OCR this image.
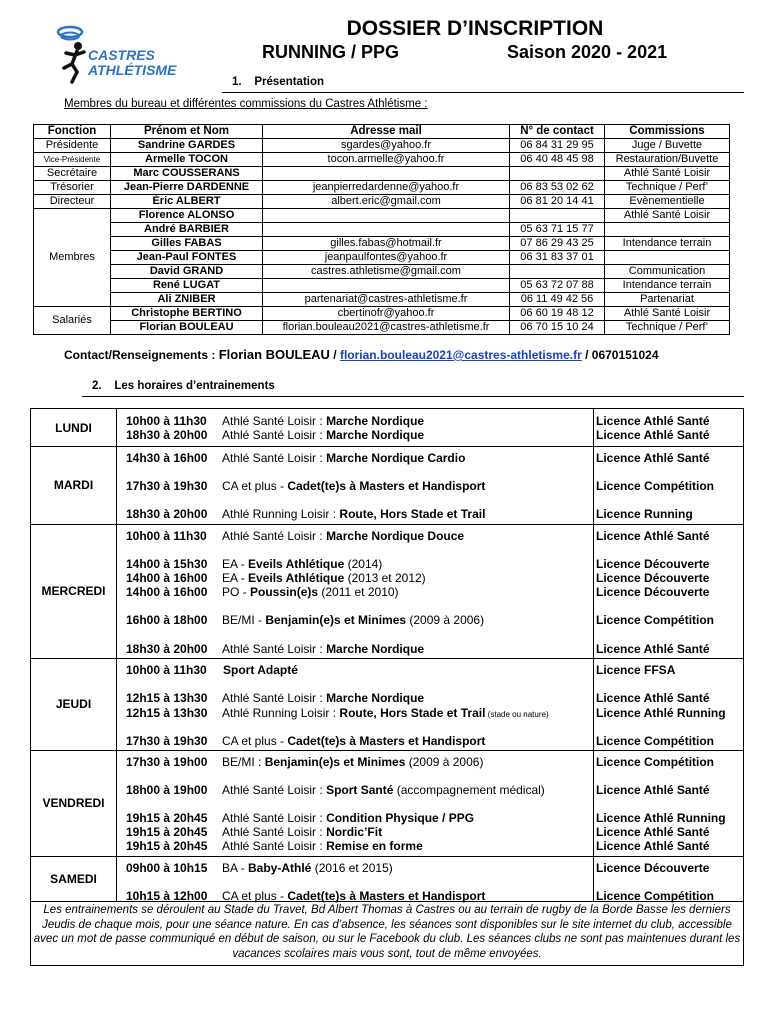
CASTRES
ATHLÉTISME
DOSSIER D’INSCRIPTION
RUNNING / PPG	Saison 2020 - 2021
1. Présentation
Membres du bureau et différentes commissions du Castres Athlétisme :
Fonction	Prénom et Nom	Adresse mail	N° de contact	Commissions
Présidente	Sandrine GARDES	sgardes@yahoo.fr	06 84 31 29 95	Juge / Buvette
Vice-Présidente	Armelle TOCON	tocon.armelle@yahoo.fr	06 40 48 45 98	Restauration/Buvette
Secrétaire	Marc COUSSERANS			Athlé Santé Loisir
Trésorier	Jean-Pierre DARDENNE	jeanpierredardenne@yahoo.fr	06 83 53 02 62	Technique / Perf’
Directeur	Éric ALBERT	albert.eric@gmail.com	06 81 20 14 41	Evènementielle
Membres	Florence ALONSO			Athlé Santé Loisir
	André BARBIER		05 63 71 15 77	
	Gilles FABAS	gilles.fabas@hotmail.fr	07 86 29 43 25	Intendance terrain
	Jean-Paul FONTES	jeanpaulfontes@yahoo.fr	06 31 83 37 01	
	David GRAND	castres.athletisme@gmail.com		Communication
	René LUGAT		05 63 72 07 88	Intendance terrain
	Ali ZNIBER	partenariat@castres-athletisme.fr	06 11 49 42 56	Partenariat
Salariés	Christophe BERTINO	cbertinofr@yahoo.fr	06 60 19 48 12	Athlé Santé Loisir
	Florian BOULEAU	florian.bouleau2021@castres-athletisme.fr	06 70 15 10 24	Technique / Perf’
Contact/Renseignements : Florian BOULEAU / florian.bouleau2021@castres-athletisme.fr / 0670151024
2. Les horaires d’entrainements
Les entrainements se déroulent au Stade du Travet, Bd Albert Thomas à Castres ou au terrain de rugby de la Borde Basse les derniers Jeudis de chaque mois, pour une séance nature. En cas d’absence, les séances sont disponibles sur le site internet du club, accessible avec un mot de passe communiqué en début de saison, ou sur le Facebook du club. Les séances clubs ne sont pas maintenues durant les vacances scolaires mais vous sont, tout de même envoyées.
LUNDI	10h00 à 11h30 Athlé Santé Loisir : Marche Nordique	Licence Athlé Santé
18h30 à 20h00 Athlé Santé Loisir : Marche Nordique	Licence Athlé Santé
MARDI
14h30 à 16h00 Athlé Santé Loisir : Marche Nordique Cardio	Licence Athlé Santé
17h30 à 19h30 CA et plus - Cadet(te)s à Masters et Handisport	Licence Compétition
18h30 à 20h00 Athlé Running Loisir : Route, Hors Stade et Trail	Licence Running
MERCREDI
10h00 à 11h30 Athlé Santé Loisir : Marche Nordique Douce	Licence Athlé Santé
14h00 à 15h30 EA - Eveils Athlétique (2014)	Licence Découverte
14h00 à 16h00 EA - Eveils Athlétique (2013 et 2012)	Licence Découverte
14h00 à 16h00 PO - Poussin(e)s (2011 et 2010)	Licence Découverte
16h00 à 18h00 BE/MI - Benjamin(e)s et Minimes (2009 à 2006)	Licence Compétition
18h30 à 20h00 Athlé Santé Loisir : Marche Nordique	Licence Athlé Santé
JEUDI
10h00 à 11h30 Sport Adapté	Licence FFSA
12h15 à 13h30 Athlé Santé Loisir : Marche Nordique	Licence Athlé Santé
12h15 à 13h30 Athlé Running Loisir : Route, Hors Stade et Trail (stade ou nature)	Licence Athlé Running
17h30 à 19h30 CA et plus - Cadet(te)s à Masters et Handisport	Licence Compétition
VENDREDI
17h30 à 19h00 BE/MI : Benjamin(e)s et Minimes (2009 à 2006)	Licence Compétition
18h00 à 19h00 Athlé Santé Loisir : Sport Santé (accompagnement médical)	Licence Athlé Santé
19h15 à 20h45 Athlé Santé Loisir : Condition Physique / PPG	Licence Athlé Running
19h15 à 20h45 Athlé Santé Loisir : Nordic’Fit	Licence Athlé Santé
19h15 à 20h45 Athlé Santé Loisir : Remise en forme	Licence Athlé Santé
SAMEDI
09h00 à 10h15 BA - Baby-Athlé (2016 et 2015)	Licence Découverte
10h15 à 12h00 CA et plus - Cadet(te)s à Masters et Handisport	Licence Compétition
